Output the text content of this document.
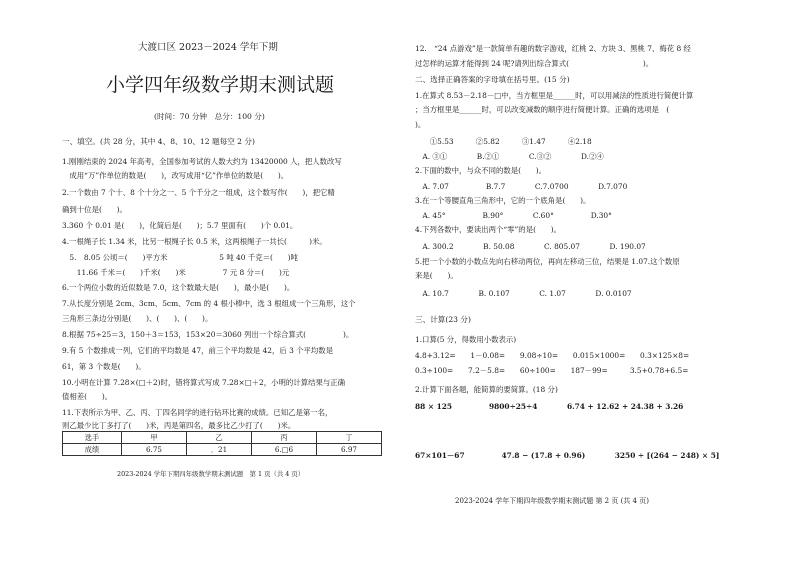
大渡口区 2023－2024 学年下期
小学四年级数学期末测试题
(时间：70 分钟　总分：100 分)
一、填空。(共 28 分，其中 4、8、10、12 题每空 2 分)
1.刚刚结束的 2024 年高考，全国参加考试的人数大约为 13420000 人，把人数改写
　成用“万”作单位的数是(　　)，改写成用“亿”作单位的数是(　　)。
2.一个数由 7 个十、8 个十分之一、5 个千分之一组成，这个数写作(　　)，把它精
确到十位是(　　)。
3.360 个 0.01 是(　　)，化简后是(　　)；5.7 里面有(　　)个 0.01。
4.一根绳子长 1.34 米，比另一根绳子长 0.5 米，这两根绳子一共长(　　　)米。
　5.　8.05 公顷＝(　　)平方米　　　　　　　5 吨 40 千克＝(　　)吨
　　11.66 千米＝(　　)千米(　　)米　　　　　7 元 8 分＝(　　)元
6.一个两位小数的近似数是 7.0，这个数最大是(　　)，最小是(　　)。
7.从长度分别是 2cm、3cm、5cm、7cm 的 4 根小棒中，选 3 根组成一个三角形，这个
三角形三条边分别是(　　)、(　　)、(　　)。
8.根据 75÷25＝3，150＋3＝153，153×20＝3060 列出一个综合算式(　　　　　)。
9.有 5 个数排成一列，它们的平均数是 47，前三个平均数是 42，后 3 个平均数是
61，第 3 个数是(　　)。
10.小明在计算 7.28×(□＋2)时，错将算式写成 7.28×□＋2，小明的计算结果与正确
值相差(　　)。
11.下表所示为甲、乙、丙、丁四名同学的进行钻环比赛的成绩。已知乙是第一名，
则乙最少比丁多打了(　　)米，丙是第四名，最多比乙少打了(　　)米。
选手	甲	乙	丙	丁
成绩	6.75	．21	6.□6	6.97
2023-2024 学年下期四年级数学期末测试题　第 1 页（共 4 页）
12.　“24 点游戏”是一款简单有趣的数字游戏，红桃 2、方块 3、黑桃 7、梅花 8 经
过怎样的运算才能得到 24 呢?请列出综合算式(　　　　　　　　　　)。
二、选择正确答案的字母填在括号里。(15 分)
1.在算式 8.53－2.18－□中，当方框里是______时，可以用减法的性质进行简便计算
；当方框里是______时，可以改变减数的顺序进行简便计算。正确的选项是　(　　
)。
　　①5.53　　　②5.82　　　③1.47　　　④2.18
　A. ③①　　　　B.②①　　　　C.③②　　　　D.②④
2.下面的数中，与众不同的数是(　　)。
　A. 7.07　　　　　B.7.7　　　　C.7.0700　　　　D.7.070
3.在一个等腰直角三角形中，它的一个底角是(　　)。
　A. 45°　　　　　B.90°　　　　C.60°　　　　　D.30°
4.下列各数中，要读出两个“零”的是(　　)。
　A. 300.2　　　　B. 50.08　　　　C. 805.07　　　　D. 190.07
5.把一个小数的小数点先向右移动两位，再向左移动三位，结果是 1.07.这个数原
来是(　　)。
　A. 10.7　　　　B. 0.107　　　　C. 1.07　　　　D. 0.0107
三、计算(23 分)
1.口算(5 分，得数用小数表示)
4.8+3.12=　　1－0.08=　　9.08÷10=　　0.015×1000=　　0.3×125×8=
0.3÷100=　　7.2－5.8=　　60÷100=　　187－99=　　　3.5+0.78+6.5=
2.计算下面各题，能简算的要简算。(18 分)
88 × 125　　　　　9800÷25÷4　　　　6.74 + 12.62 + 24.38 + 3.26
67×101－67　　　　　47.8 − (17.8 + 0.96)　　　　3250 ÷ [(264 − 248) × 5]
2023-2024 学年下期四年级数学期末测试题 第 2 页 (共 4 页)
